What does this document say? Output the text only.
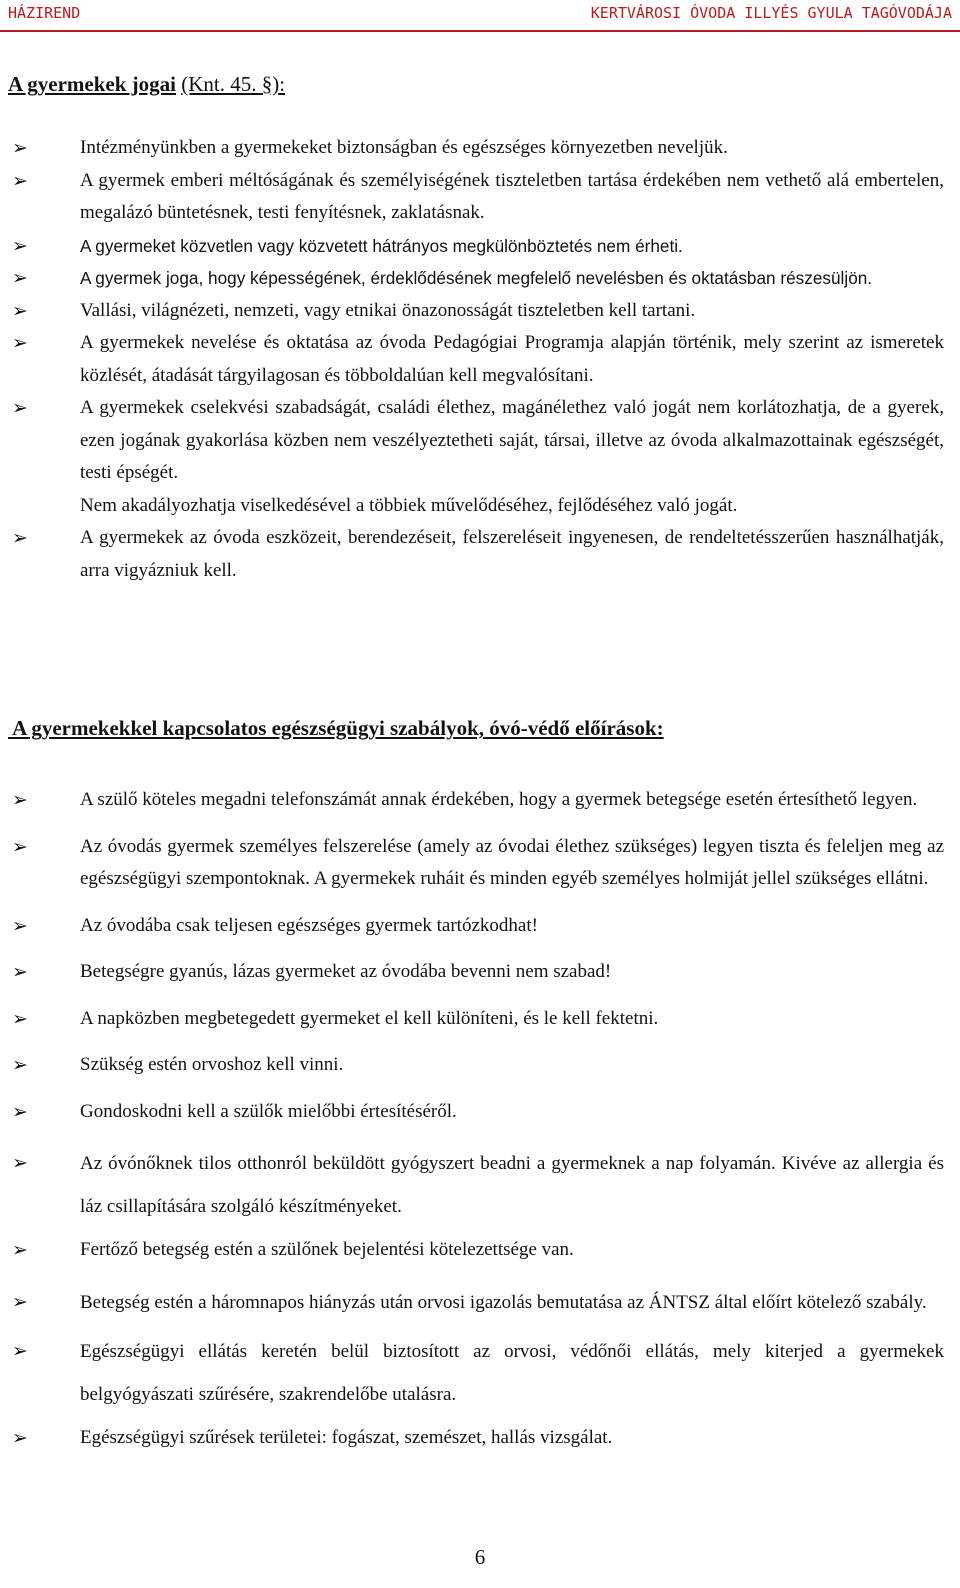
HÁZIREND	KERTVÁROSI ÓVODA ILLYÉS GYULA TAGÓVODÁJA
A gyermekek jogai (Knt. 45. §):
➢	Intézményünkben a gyermekeket biztonságban és egészséges környezetben neveljük.
➢	A gyermek emberi méltóságának és személyiségének tiszteletben tartása érdekében nem vethető alá embertelen, megalázó büntetésnek, testi fenyítésnek, zaklatásnak.
➢	A gyermeket közvetlen vagy közvetett hátrányos megkülönböztetés nem érheti.
➢	A gyermek joga, hogy képességének, érdeklődésének megfelelő nevelésben és oktatásban részesüljön.
➢	Vallási, világnézeti, nemzeti, vagy etnikai önazonosságát tiszteletben kell tartani.
➢	A gyermekek nevelése és oktatása az óvoda Pedagógiai Programja alapján történik, mely szerint az ismeretek közlését, átadását tárgyilagosan és többoldalúan kell megvalósítani.
➢	A gyermekek cselekvési szabadságát, családi élethez, magánélethez való jogát nem korlátozhatja, de a gyerek, ezen jogának gyakorlása közben nem veszélyeztetheti saját, társai, illetve az óvoda alkalmazottainak egészségét, testi épségét.
Nem akadályozhatja viselkedésével a többiek művelődéséhez, fejlődéséhez való jogát.
➢	A gyermekek az óvoda eszközeit, berendezéseit, felszereléseit ingyenesen, de rendeltetésszerűen használhatják, arra vigyázniuk kell.
A gyermekekkel kapcsolatos egészségügyi szabályok, óvó-védő előírások:
➢	A szülő köteles megadni telefonszámát annak érdekében, hogy a gyermek betegsége esetén értesíthető legyen.
➢	Az óvodás gyermek személyes felszerelése (amely az óvodai élethez szükséges) legyen tiszta és feleljen meg az egészségügyi szempontoknak. A gyermekek ruháit és minden egyéb személyes holmiját jellel szükséges ellátni.
➢	Az óvodába csak teljesen egészséges gyermek tartózkodhat!
➢	Betegségre gyanús, lázas gyermeket az óvodába bevenni nem szabad!
➢	A napközben megbetegedett gyermeket el kell különíteni, és le kell fektetni.
➢	Szükség estén orvoshoz kell vinni.
➢	Gondoskodni kell a szülők mielőbbi értesítéséről.
➢	Az óvónőknek tilos otthonról beküldött gyógyszert beadni a gyermeknek a nap folyamán. Kivéve az allergia és láz csillapítására szolgáló készítményeket.
➢	Fertőző betegség estén a szülőnek bejelentési kötelezettsége van.
➢	Betegség estén a háromnapos hiányzás után orvosi igazolás bemutatása az ÁNTSZ által előírt kötelező szabály.
➢	Egészségügyi ellátás keretén belül biztosított az orvosi, védőnői ellátás, mely kiterjed a gyermekek belgyógyászati szűrésére, szakrendelőbe utalásra.
➢	Egészségügyi szűrések területei: fogászat, szemészet, hallás vizsgálat.
6
